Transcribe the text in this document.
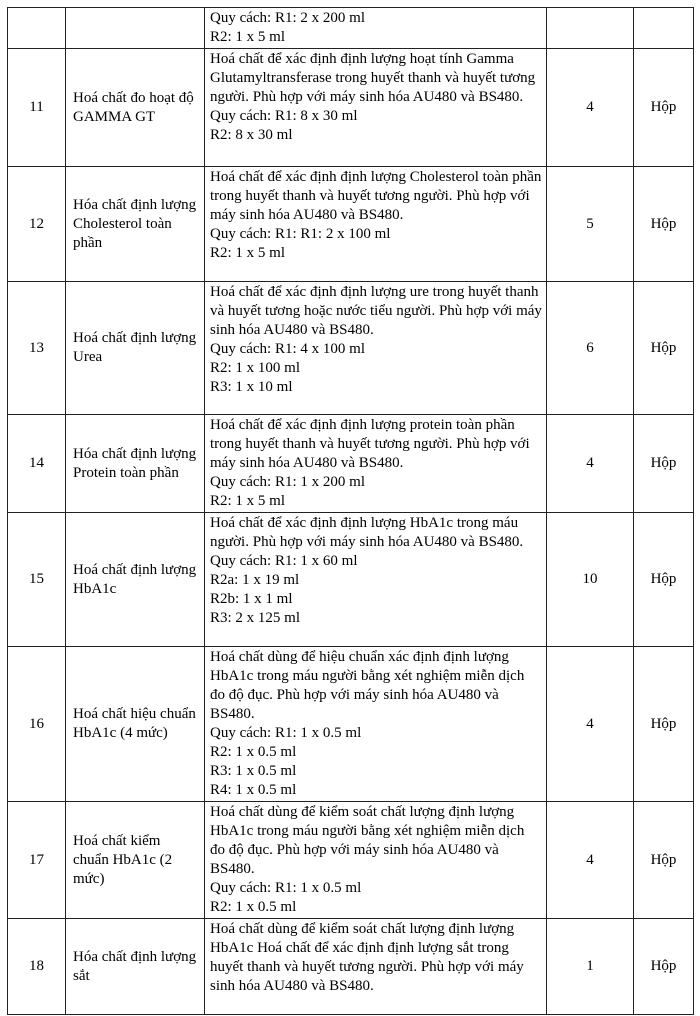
		Quy cách: R1: 2 x 200 ml
R2: 1 x 5 ml		

11	Hoá chất đo hoạt độ GAMMA GT	Hoá chất để xác định định lượng hoạt tính Gamma Glutamyltransferase trong huyết thanh và huyết tương người. Phù hợp với máy sinh hóa AU480 và BS480.
Quy cách: R1: 8 x 30 ml
R2: 8 x 30 ml	4	Hộp
12	Hóa chất định lượng Cholesterol toàn phần	Hoá chất để xác định định lượng Cholesterol toàn phần trong huyết thanh và huyết tương người. Phù hợp với máy sinh hóa AU480 và BS480.
Quy cách: R1: R1: 2 x 100 ml
R2: 1 x 5 ml	5	Hộp
13	Hoá chất định lượng Urea	Hoá chất để xác định định lượng ure trong huyết thanh và huyết tương hoặc nước tiểu người. Phù hợp với máy sinh hóa AU480 và BS480.
Quy cách: R1: 4 x 100 ml
R2: 1 x 100 ml
R3: 1 x 10 ml	6	Hộp
14	Hóa chất định lượng Protein toàn phần	Hoá chất để xác định định lượng protein toàn phần trong huyết thanh và huyết tương người. Phù hợp với máy sinh hóa AU480 và BS480.
Quy cách: R1: 1 x 200 ml
R2: 1 x 5 ml	4	Hộp
15	Hoá chất định lượng HbA1c	Hoá chất để xác định định lượng HbA1c trong máu người. Phù hợp với máy sinh hóa AU480 và BS480.
Quy cách: R1: 1 x 60 ml
R2a: 1 x 19 ml
R2b: 1 x 1 ml
R3: 2 x 125 ml	10	Hộp
16	Hoá chất hiệu chuẩn HbA1c (4 mức)	Hoá chất dùng để hiệu chuẩn xác định định lượng HbA1c trong máu người bằng xét nghiệm miễn dịch đo độ đục. Phù hợp với máy sinh hóa AU480 và BS480.
Quy cách: R1: 1 x 0.5 ml
R2: 1 x 0.5 ml
R3: 1 x 0.5 ml
R4: 1 x 0.5 ml	4	Hộp
17	Hoá chất kiểm chuẩn HbA1c (2 mức)	Hoá chất dùng để kiểm soát chất lượng định lượng HbA1c trong máu người bằng xét nghiệm miễn dịch đo độ đục. Phù hợp với máy sinh hóa AU480 và BS480.
Quy cách: R1: 1 x 0.5 ml
R2: 1 x 0.5 ml	4	Hộp
18	Hóa chất định lượng sắt	Hoá chất dùng để kiểm soát chất lượng định lượng HbA1c Hoá chất để xác định định lượng sắt trong huyết thanh và huyết tương người. Phù hợp với máy sinh hóa AU480 và BS480.	1	Hộp
